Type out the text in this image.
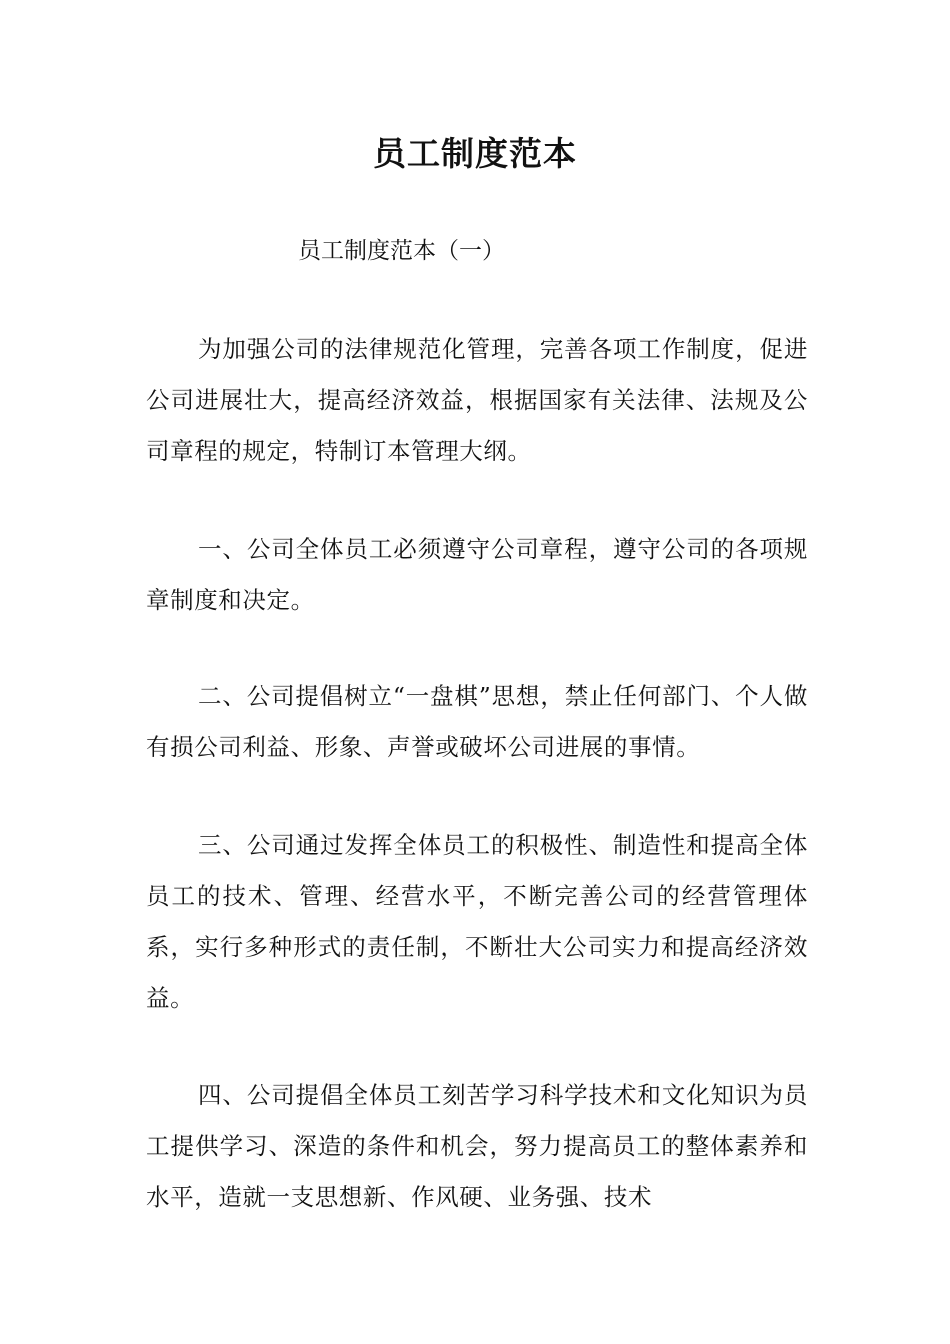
员工制度范本

员工制度范本（一）

为加强公司的法律规范化管理，完善各项工作制度，促进公司进展壮大，提高经济效益，根据国家有关法律、法规及公司章程的规定，特制订本管理大纲。

一、公司全体员工必须遵守公司章程，遵守公司的各项规章制度和决定。

二、公司提倡树立“一盘棋”思想，禁止任何部门、个人做有损公司利益、形象、声誉或破坏公司进展的事情。

三、公司通过发挥全体员工的积极性、制造性和提高全体员工的技术、管理、经营水平，不断完善公司的经营管理体系，实行多种形式的责任制，不断壮大公司实力和提高经济效益。

四、公司提倡全体员工刻苦学习科学技术和文化知识为员工提供学习、深造的条件和机会，努力提高员工的整体素养和水平，造就一支思想新、作风硬、业务强、技术
